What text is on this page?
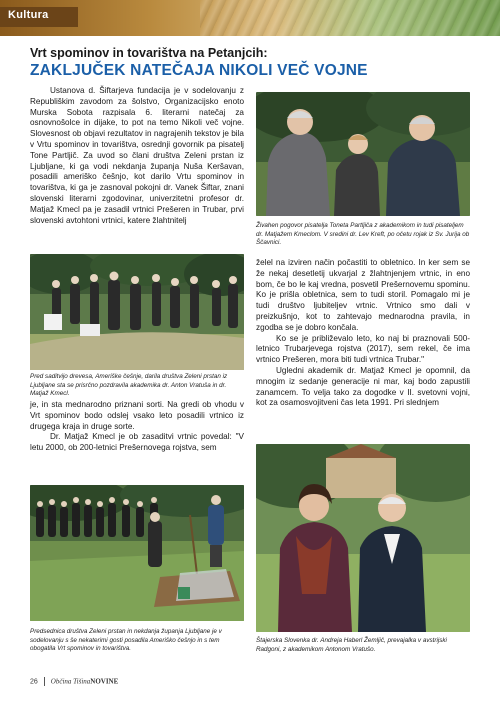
Kultura
Vrt spominov in tovarištva na Petanjcih:
ZAKLJUČEK NATEČAJA NIKOLI VEČ VOJNE

Ustanova d. Šiftarjeva fundacija je v sodelovanju z Republiškim zavodom za šolstvo, Organizacijsko enoto Murska Sobota razpisala 6. literarni natečaj za osnovnošolce in dijake, to pot na temo Nikoli več vojne. Slovesnost ob objavi rezultatov in nagrajenih tekstov je bila v Vrtu spominov in tovarištva, osrednji govornik pa pisatelj Tone Partljič. Za uvod so člani društva Zeleni prstan iz Ljubljane, ki ga vodi nekdanja županja Nuša Keršavan, posadili ameriško češnjo, kot darilo Vrtu spominov in tovarištva, ki ga je zasnoval pokojni dr. Vanek Šiftar, znani slovenski literarni zgodovinar, univerzitetni profesor dr. Matjaž Kmecl pa je zasadil vrtnici Prešeren in Trubar, prvi slovenski avtohtoni vrtnici, katere žlahtnitelj

Pred saditvijo drevesa, Ameriške češnje, darila društva Zeleni prstan iz Ljubljane sta se prisrčno pozdravila akademika dr. Anton Vratuša in dr. Matjaž Kmecl.

je, in sta mednarodno priznani sorti. Na gredi ob vhodu v Vrt spominov bodo odslej vsako leto posadili vrtnico iz drugega kraja in druge sorte.

Dr. Matjaž Kmecl je ob zasaditvi vrtnic povedal: "V letu 2000, ob 200-letnici Prešernovega rojstva, sem

Predsednica društva Zeleni prstan in nekdanja županja Ljubljane je v sodelovanju s še nekaterimi gosti posadila Ameriško češnjo in s tem obogatila Vrt spominov in tovarištva.
Živahen pogovor pisatelja Toneta Partljiča z akademikom in tudi pisateljem dr. Matjažem Kmeclom. V sredini dr. Lev Kreft, po očetu rojak iz Sv. Jurija ob Ščavnici.

želel na izviren način počastiti to obletnico. In ker sem se že nekaj desetletij ukvarjal z žlahtnjenjem vrtnic, in eno bom, če bo le kaj vredna, posvetil Prešernovemu spominu. Ko je prišla obletnica, sem to tudi storil. Pomagalo mi je tudi društvo ljubiteljev vrtnic. Vrtnico smo dali v preizkušnjo, kot to zahtevajo mednarodna pravila, in zgodba se je dobro končala.

Ko se je približevalo leto, ko naj bi praznovali 500-letnico Trubarjevega rojstva (2017), sem rekel, če ima vrtnico Prešeren, mora biti tudi vrtnica Trubar."

Ugledni akademik dr. Matjaž Kmecl je opomnil, da mnogim iz sedanje generacije ni mar, kaj bodo zapustili zanamcem. To velja tako za dogodke v II. svetovni vojni, kot za osamosvojitveni čas leta 1991. Pri slednjem

Štajerska Slovenka dr. Andreja Haberl Žemljič, prevajalka v avstrijski Radgoni, z akademikom Antonom Vratušo.
26 Občina TišinaNOVINE
